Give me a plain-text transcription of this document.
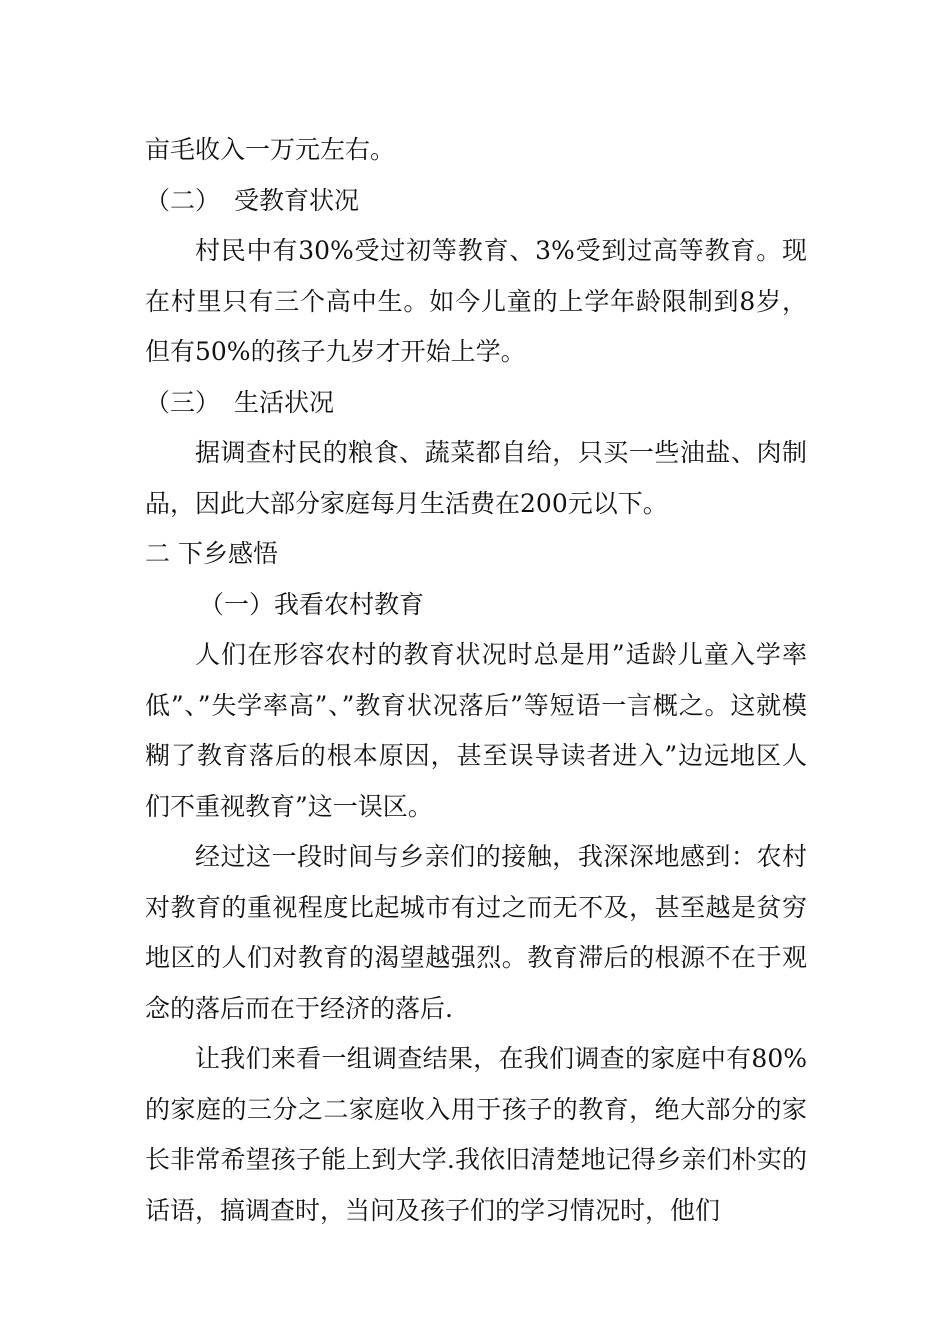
亩毛收入一万元左右。

（二） 受教育状况

村民中有30%受过初等教育、3%受到过高等教育。现在村里只有三个高中生。如今儿童的上学年龄限制到8岁，但有50%的孩子九岁才开始上学。

（三） 生活状况

据调查村民的粮食、蔬菜都自给，只买一些油盐、肉制品，因此大部分家庭每月生活费在200元以下。

二 下乡感悟

（一）我看农村教育

人们在形容农村的教育状况时总是用”适龄儿童入学率低”、”失学率高”、”教育状况落后”等短语一言概之。这就模糊了教育落后的根本原因，甚至误导读者进入”边远地区人们不重视教育”这一误区。

经过这一段时间与乡亲们的接触，我深深地感到：农村对教育的重视程度比起城市有过之而无不及，甚至越是贫穷地区的人们对教育的渴望越强烈。教育滞后的根源不在于观念的落后而在于经济的落后.

让我们来看一组调查结果，在我们调查的家庭中有80%的家庭的三分之二家庭收入用于孩子的教育，绝大部分的家长非常希望孩子能上到大学.我依旧清楚地记得乡亲们朴实的话语，搞调查时，当问及孩子们的学习情况时，他们
